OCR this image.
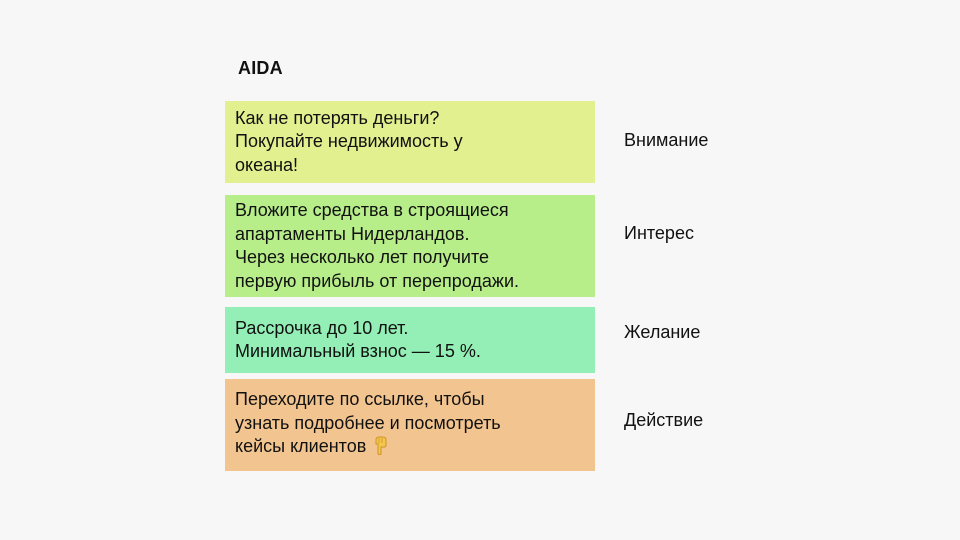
AIDA
Как не потерять деньги?
Покупайте недвижимость у
океана!
Внимание
Вложите средства в строящиеся
апартаменты Нидерландов.
Через несколько лет получите
первую прибыль от перепродажи.
Интерес
Рассрочка до 10 лет.
Минимальный взнос — 15 %.
Желание
Переходите по ссылке, чтобы
узнать подробнее и посмотреть
кейсы клиентов
Действие
